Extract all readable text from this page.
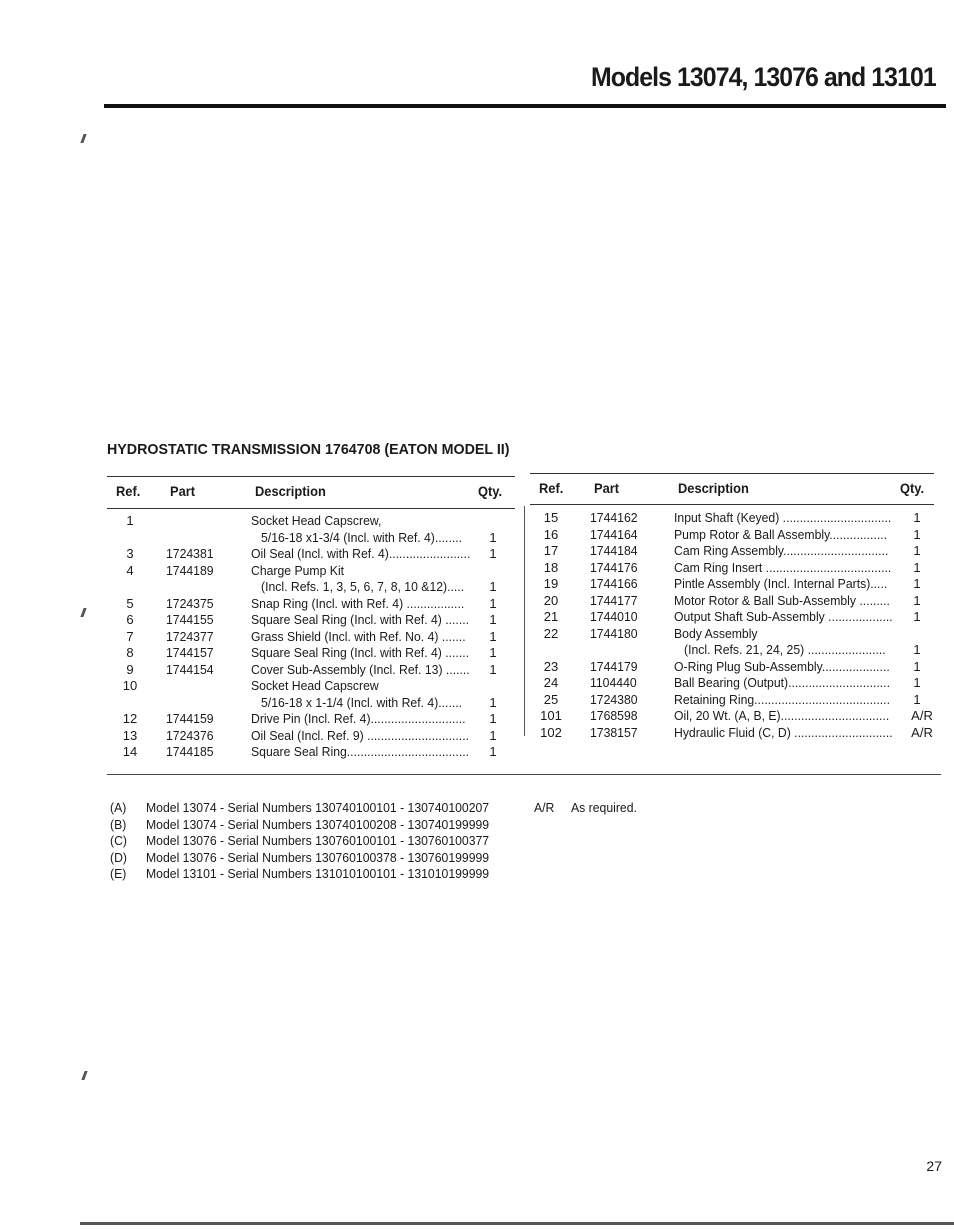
Models 13074, 13076 and 13101
HYDROSTATIC TRANSMISSION 1764708 (EATON MODEL II)
Ref. Part	Description	Qty.	Ref. Part	Description	Qty.
1	Socket Head Capscrew,
5/16-18 x1-3/4 (Incl. with Ref. 4)........ 1
3	1724381	Oil Seal (Incl. with Ref. 4)........................ 1
4	1744189	Charge Pump Kit
(Incl. Refs. 1, 3, 5, 6, 7, 8, 10 &12)..... 1
5	1724375	Snap Ring (Incl. with Ref. 4) ................. 1
6	1744155	Square Seal Ring (Incl. with Ref. 4) ....... 1
7	1724377	Grass Shield (Incl. with Ref. No. 4) ....... 1
8	1744157	Square Seal Ring (Incl. with Ref. 4) ....... 1
9	1744154	Cover Sub-Assembly (Incl. Ref. 13) ....... 1
10	Socket Head Capscrew
5/16-18 x 1-1/4 (Incl. with Ref. 4)....... 1
12	1744159	Drive Pin (Incl. Ref. 4)............................ 1
13	1724376	Oil Seal (Incl. Ref. 9) .............................. 1
14	1744185	Square Seal Ring.................................... 1
15	1744162	Input Shaft (Keyed) ................................ 1
16	1744164	Pump Rotor & Ball Assembly................. 1
17	1744184	Cam Ring Assembly............................... 1
18	1744176	Cam Ring Insert ..................................... 1
19	1744166	Pintle Assembly (Incl. Internal Parts)..... 1
20	1744177	Motor Rotor & Ball Sub-Assembly ......... 1
21	1744010	Output Shaft Sub-Assembly ................... 1
22	1744180	Body Assembly
(Incl. Refs. 21, 24, 25) ....................... 1
23	1744179	O-Ring Plug Sub-Assembly.................... 1
24	1104440	Ball Bearing (Output).............................. 1
25	1724380	Retaining Ring........................................ 1
101	1768598	Oil, 20 Wt. (A, B, E)................................ A/R
102	1738157	Hydraulic Fluid (C, D) ............................. A/R
(A) Model 13074 - Serial Numbers 130740100101 - 130740100207
(B) Model 13074 - Serial Numbers 130740100208 - 130740199999
(C) Model 13076 - Serial Numbers 130760100101 - 130760100377
(D) Model 13076 - Serial Numbers 130760100378 - 130760199999
(E) Model 13101 - Serial Numbers 131010100101 - 131010199999
A/R As required.
27
